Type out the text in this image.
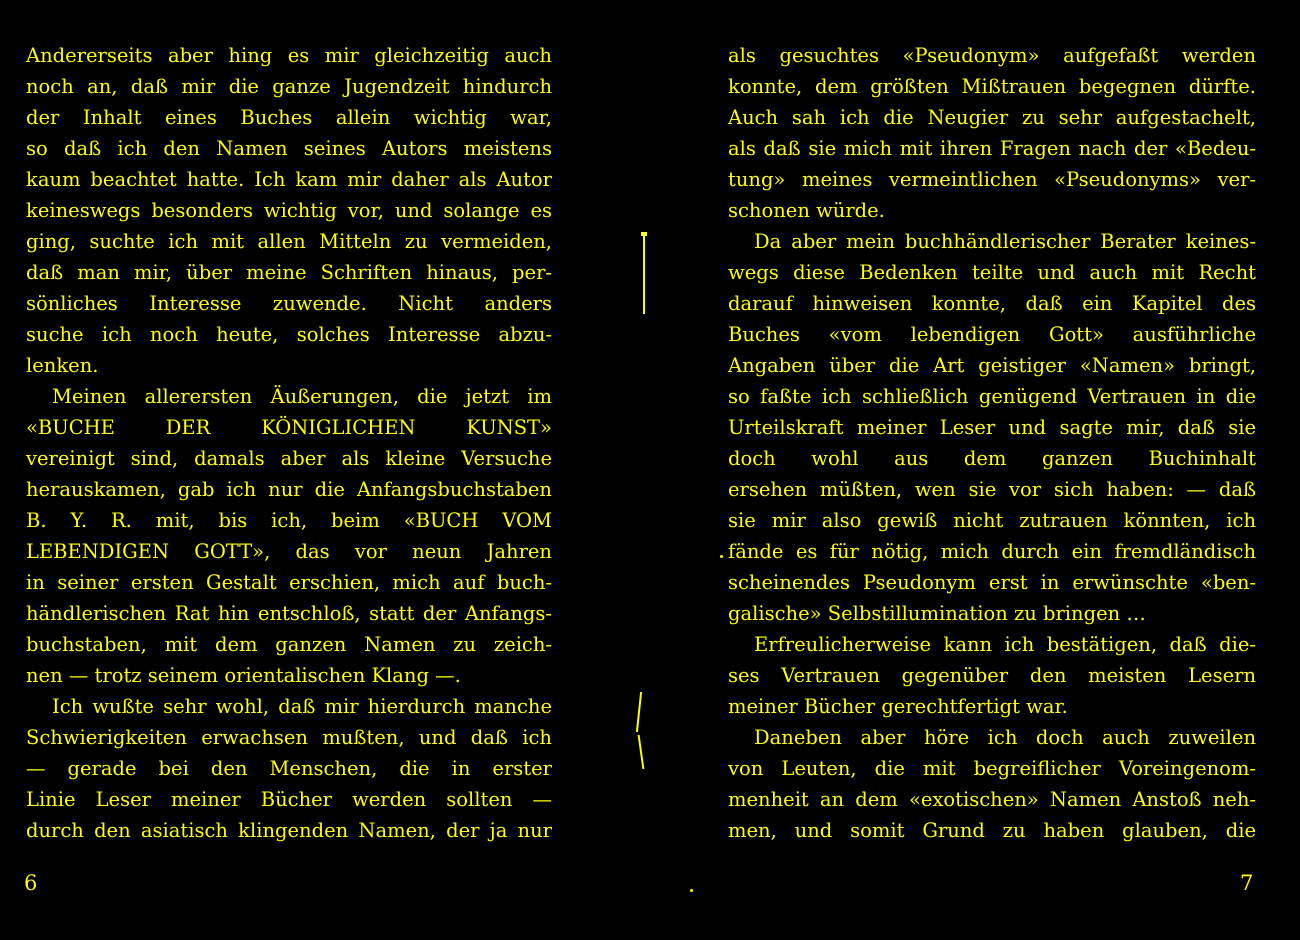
Andererseits aber hing es mir gleichzeitig auch
noch an, daß mir die ganze Jugendzeit hindurch
der Inhalt eines Buches allein wichtig war,
so daß ich den Namen seines Autors meistens
kaum beachtet hatte. Ich kam mir daher als Autor
keineswegs besonders wichtig vor, und solange es
ging, suchte ich mit allen Mitteln zu vermeiden,
daß man mir, über meine Schriften hinaus, per-
sönliches Interesse zuwende. Nicht anders
suche ich noch heute, solches Interesse abzu-
lenken.
Meinen allerersten Äußerungen, die jetzt im
«BUCHE DER KÖNIGLICHEN KUNST»
vereinigt sind, damals aber als kleine Versuche
herauskamen, gab ich nur die Anfangsbuchstaben
B. Y. R. mit, bis ich, beim «BUCH VOM
LEBENDIGEN GOTT», das vor neun Jahren
in seiner ersten Gestalt erschien, mich auf buch-
händlerischen Rat hin entschloß, statt der Anfangs-
buchstaben, mit dem ganzen Namen zu zeich-
nen — trotz seinem orientalischen Klang —.
Ich wußte sehr wohl, daß mir hierdurch manche
Schwierigkeiten erwachsen mußten, und daß ich
— gerade bei den Menschen, die in erster
Linie Leser meiner Bücher werden sollten —
durch den asiatisch klingenden Namen, der ja nur
als gesuchtes «Pseudonym» aufgefaßt werden
konnte, dem größten Mißtrauen begegnen dürfte.
Auch sah ich die Neugier zu sehr aufgestachelt,
als daß sie mich mit ihren Fragen nach der «Bedeu-
tung» meines vermeintlichen «Pseudonyms» ver-
schonen würde.
Da aber mein buchhändlerischer Berater keines-
wegs diese Bedenken teilte und auch mit Recht
darauf hinweisen konnte, daß ein Kapitel des
Buches «vom lebendigen Gott» ausführliche
Angaben über die Art geistiger «Namen» bringt,
so faßte ich schließlich genügend Vertrauen in die
Urteilskraft meiner Leser und sagte mir, daß sie
doch wohl aus dem ganzen Buchinhalt
ersehen müßten, wen sie vor sich haben: — daß
sie mir also gewiß nicht zutrauen könnten, ich
fände es für nötig, mich durch ein fremdländisch
scheinendes Pseudonym erst in erwünschte «ben-
galische» Selbstillumination zu bringen …
Erfreulicherweise kann ich bestätigen, daß die-
ses Vertrauen gegenüber den meisten Lesern
meiner Bücher gerechtfertigt war.
Daneben aber höre ich doch auch zuweilen
von Leuten, die mit begreiflicher Voreingenom-
menheit an dem «exotischen» Namen Anstoß neh-
men, und somit Grund zu haben glauben, die
6	7
